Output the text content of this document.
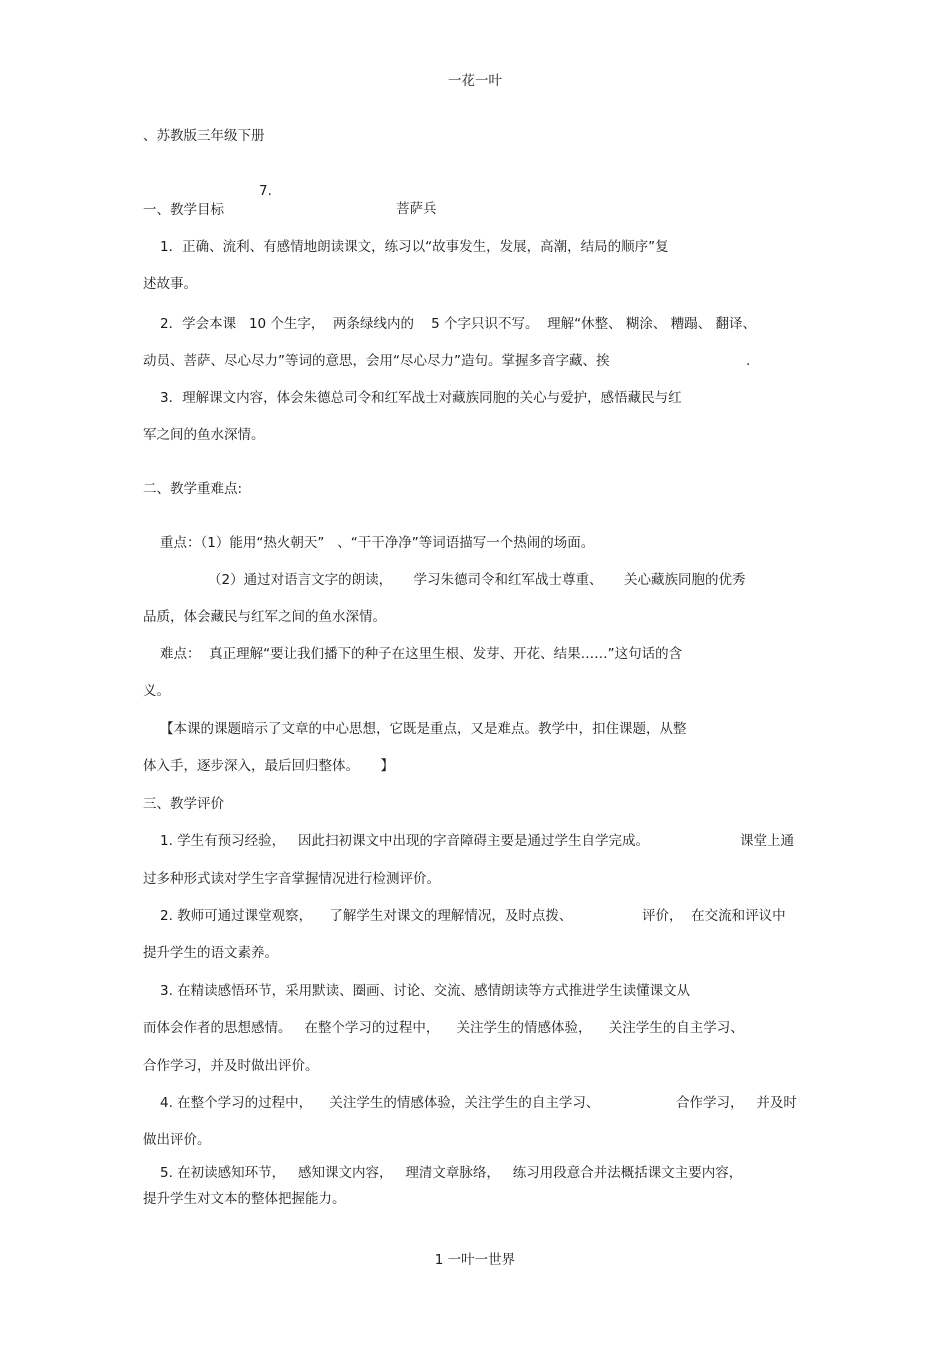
一花一叶
、苏教版三年级下册

7.

菩萨兵

一、教学目标
1．正确、流利、有感情地朗读课文，练习以“故事发生，发展，高潮，结局的顺序”复
述故事。
2．学会本课   10 个生字，  两条绿线内的    5 个字只识不写。  理解“休整、 糊涂、 糟蹋、 翻译、
动员、菩萨、尽心尽力”等词的意思，会用“尽心尽力”造句。掌握多音字藏、挨	.
3．理解课文内容，体会朱德总司令和红军战士对藏族同胞的关心与爱护，感悟藏民与红
军之间的鱼水深情。
二、教学重难点:
重点：（1）能用“热火朝天”   、“干干净净”等词语描写一个热闹的场面。
（2）通过对语言文字的朗读，     学习朱德司令和红军战士尊重、     关心藏族同胞的优秀
品质，体会藏民与红军之间的鱼水深情。
难点：  真正理解“要让我们播下的种子在这里生根、发芽、开花、结果……”这句话的含
义。
【本课的课题暗示了文章的中心思想，它既是重点，又是难点。教学中，扣住课题，从整
体入手，逐步深入，最后回归整体。     】
三、教学评价
1. 学生有预习经验，   因此扫初课文中出现的字音障碍主要是通过学生自学完成。	课堂上通
过多种形式读对学生字音掌握情况进行检测评价。
2. 教师可通过课堂观察，    了解学生对课文的理解情况，及时点拨、	评价，  在交流和评议中
提升学生的语文素养。
3. 在精读感悟环节，采用默读、圈画、讨论、交流、感情朗读等方式推进学生读懂课文从
而体会作者的思想感情。   在整个学习的过程中，    关注学生的情感体验，    关注学生的自主学习、
合作学习，并及时做出评价。
4. 在整个学习的过程中，    关注学生的情感体验，关注学生的自主学习、	合作学习，   并及时
做出评价。
5. 在初读感知环节，   感知课文内容，   理清文章脉络，   练习用段意合并法概括课文主要内容，
提升学生对文本的整体把握能力。
1 一叶一世界
